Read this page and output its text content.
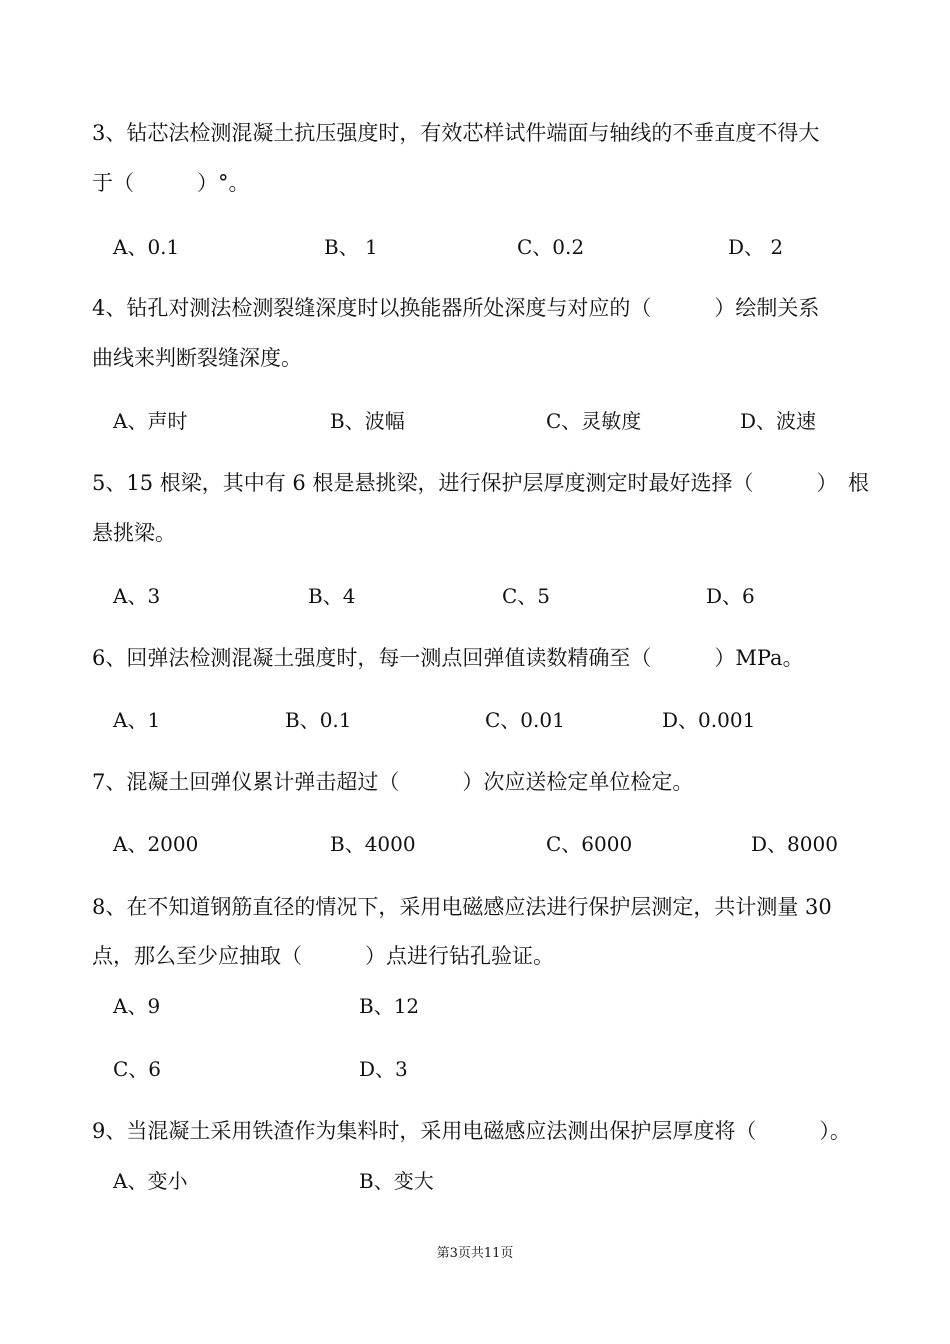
3、钻芯法检测混凝土抗压强度时，有效芯样试件端面与轴线的不垂直度不得大
于（　　　）°。
A、0.1	B、 1	C、0.2	D、 2
4、钻孔对测法检测裂缝深度时以换能器所处深度与对应的（　　　）绘制关系
曲线来判断裂缝深度。
A、声时	B、波幅	C、灵敏度	D、波速
5、15 根梁，其中有 6 根是悬挑梁，进行保护层厚度测定时最好选择（　　　）　根
悬挑梁。
A、3	B、4	C、5	D、6
6、回弹法检测混凝土强度时，每一测点回弹值读数精确至（　　　）MPa。
A、1	B、0.1	C、0.01	D、0.001
7、混凝土回弹仪累计弹击超过（　　　）次应送检定单位检定。
A、2000	B、4000	C、6000	D、8000
8、在不知道钢筋直径的情况下，采用电磁感应法进行保护层测定，共计测量 30
点，那么至少应抽取（　　　）点进行钻孔验证。
A、9	B、12
C、6	D、3
9、当混凝土采用铁渣作为集料时，采用电磁感应法测出保护层厚度将（　　　）。
A、变小	B、变大
第3页共11页
